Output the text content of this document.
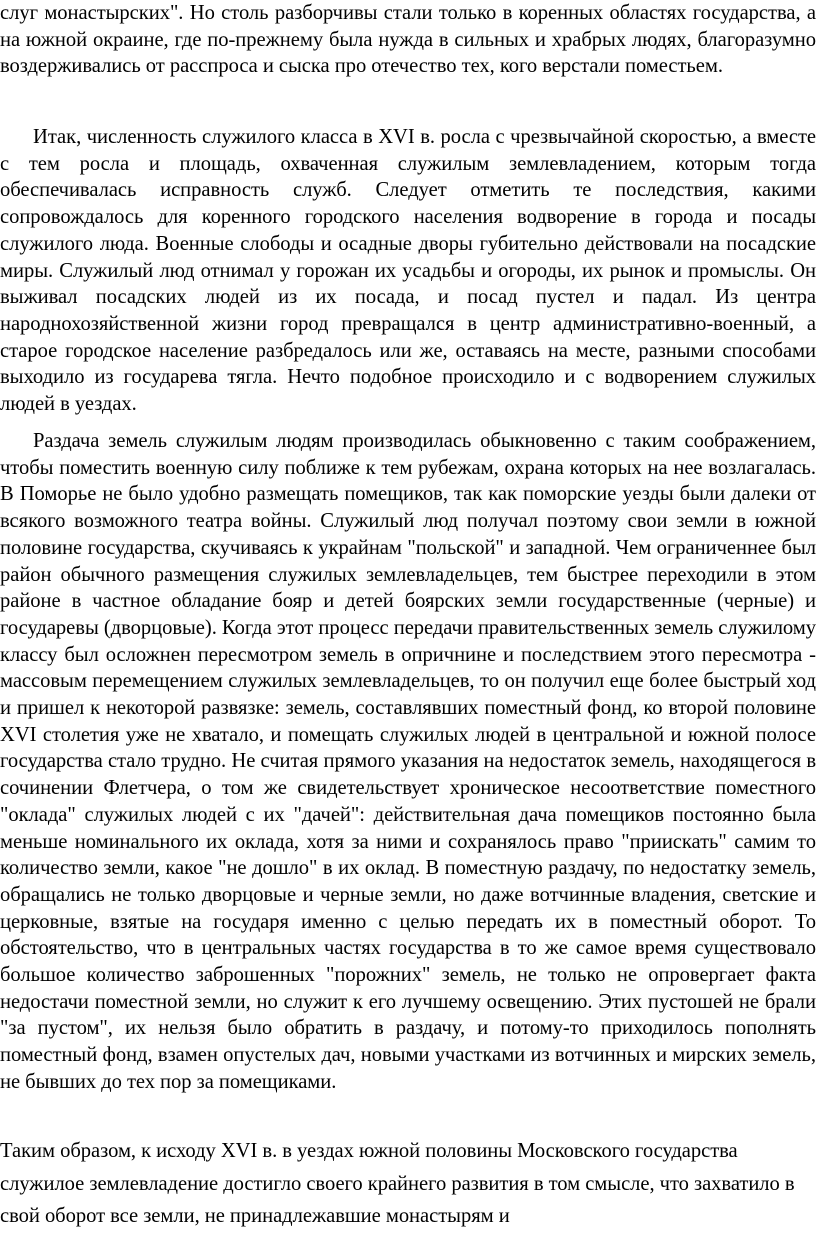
слуг монастырских". Но столь разборчивы стали только в коренных областях государства, а на южной окраине, где по-прежнему была нужда в сильных и храбрых людях, благоразумно воздерживались от расспроса и сыска про отечество тех, кого верстали поместьем.

Итак, численность служилого класса в XVI в. росла с чрезвычайной скоростью, а вместе с тем росла и площадь, охваченная служилым землевладением, которым тогда обеспечивалась исправность служб. Следует отметить те последствия, какими сопровождалось для коренного городского населения водворение в города и посады служилого люда. Военные слободы и осадные дворы губительно действовали на посадские миры. Служилый люд отнимал у горожан их усадьбы и огороды, их рынок и промыслы. Он выживал посадских людей из их посада, и посад пустел и падал. Из центра народнохозяйственной жизни город превращался в центр административно-военный, а старое городское население разбредалось или же, оставаясь на месте, разными способами выходило из государева тягла. Нечто подобное происходило и с водворением служилых людей в уездах.

Раздача земель служилым людям производилась обыкновенно с таким соображением, чтобы поместить военную силу поближе к тем рубежам, охрана которых на нее возлагалась. В Поморье не было удобно размещать помещиков, так как поморские уезды были далеки от всякого возможного театра войны. Служилый люд получал поэтому свои земли в южной половине государства, скучиваясь к украйнам "польской" и западной. Чем ограниченнее был район обычного размещения служилых землевладельцев, тем быстрее переходили в этом районе в частное обладание бояр и детей боярских земли государственные (черные) и государевы (дворцовые). Когда этот процесс передачи правительственных земель служилому классу был осложнен пересмотром земель в опричнине и последствием этого пересмотра - массовым перемещением служилых землевладельцев, то он получил еще более быстрый ход и пришел к некоторой развязке: земель, составлявших поместный фонд, ко второй половине XVI столетия уже не хватало, и помещать служилых людей в центральной и южной полосе государства стало трудно. Не считая прямого указания на недостаток земель, находящегося в сочинении Флетчера, о том же свидетельствует хроническое несоответствие поместного "оклада" служилых людей с их "дачей": действительная дача помещиков постоянно была меньше номинального их оклада, хотя за ними и сохранялось право "приискать" самим то количество земли, какое "не дошло" в их оклад. В поместную раздачу, по недостатку земель, обращались не только дворцовые и черные земли, но даже вотчинные владения, светские и церковные, взятые на государя именно с целью передать их в поместный оборот. То обстоятельство, что в центральных частях государства в то же самое время существовало большое количество заброшенных "порожних" земель, не только не опровергает факта недостачи поместной земли, но служит к его лучшему освещению. Этих пустошей не брали "за пустом", их нельзя было обратить в раздачу, и потому-то приходилось пополнять поместный фонд, взамен опустелых дач, новыми участками из вотчинных и мирских земель, не бывших до тех пор за помещиками.

Таким образом, к исходу XVI в. в уездах южной половины Московского государства служилое землевладение достигло своего крайнего развития в том смысле, что захватило в свой оборот все земли, не принадлежавшие монастырям и
